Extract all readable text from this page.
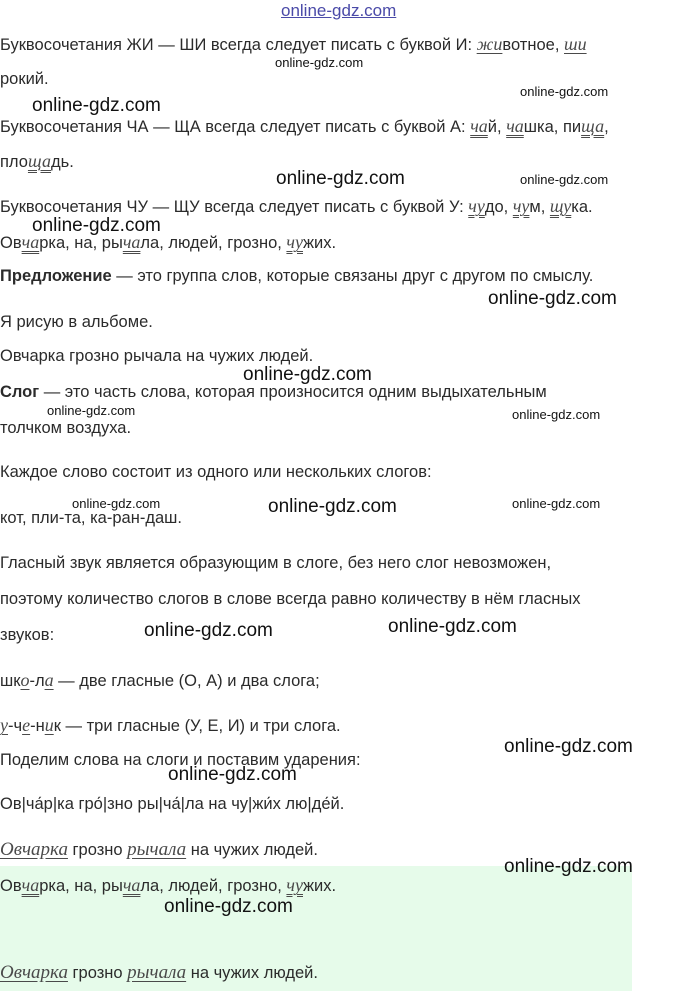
online-gdz.com
Буквосочетания ЖИ — ШИ всегда следует писать с буквой И: животное, ши
рокий.
Буквосочетания ЧА — ЩА всегда следует писать с буквой А: чай, чашка, пища,
площадь.
Буквосочетания ЧУ — ЩУ всегда следует писать с буквой У: чудо, чум, щука.
Овчарка, на, рычала, людей, грозно, чужих.
Предложение — это группа слов, которые связаны друг с другом по смыслу.
Я рисую в альбоме.
Овчарка грозно рычала на чужих людей.
Слог — это часть слова, которая произносится одним выдыхательным
толчком воздуха.
Каждое слово состоит из одного или нескольких слогов:
кот, пли-та, ка-ран-даш.
Гласный звук является образующим в слоге, без него слог невозможен,
поэтому количество слогов в слове всегда равно количеству в нём гласных
звуков:
шко-ла — две гласные (О, А) и два слога;
у-че-ник — три гласные (У, Е, И) и три слога.
Поделим слова на слоги и поставим ударения:
Ов|ча́р|ка гро́|зно ры|ча́|ла на чу|жи́х лю|де́й.
Овчарка грозно рычала на чужих людей.
Овчарка, на, рычала, людей, грозно, чужих.
Овчарка грозно рычала на чужих людей.
online-gdz.com
online-gdz.com
online-gdz.com
online-gdz.com	online-gdz.com
online-gdz.com
online-gdz.com
online-gdz.com
online-gdz.com	online-gdz.com
online-gdz.com	online-gdz.com	online-gdz.com
online-gdz.com	online-gdz.com
online-gdz.com
online-gdz.com
online-gdz.com
online-gdz.com
